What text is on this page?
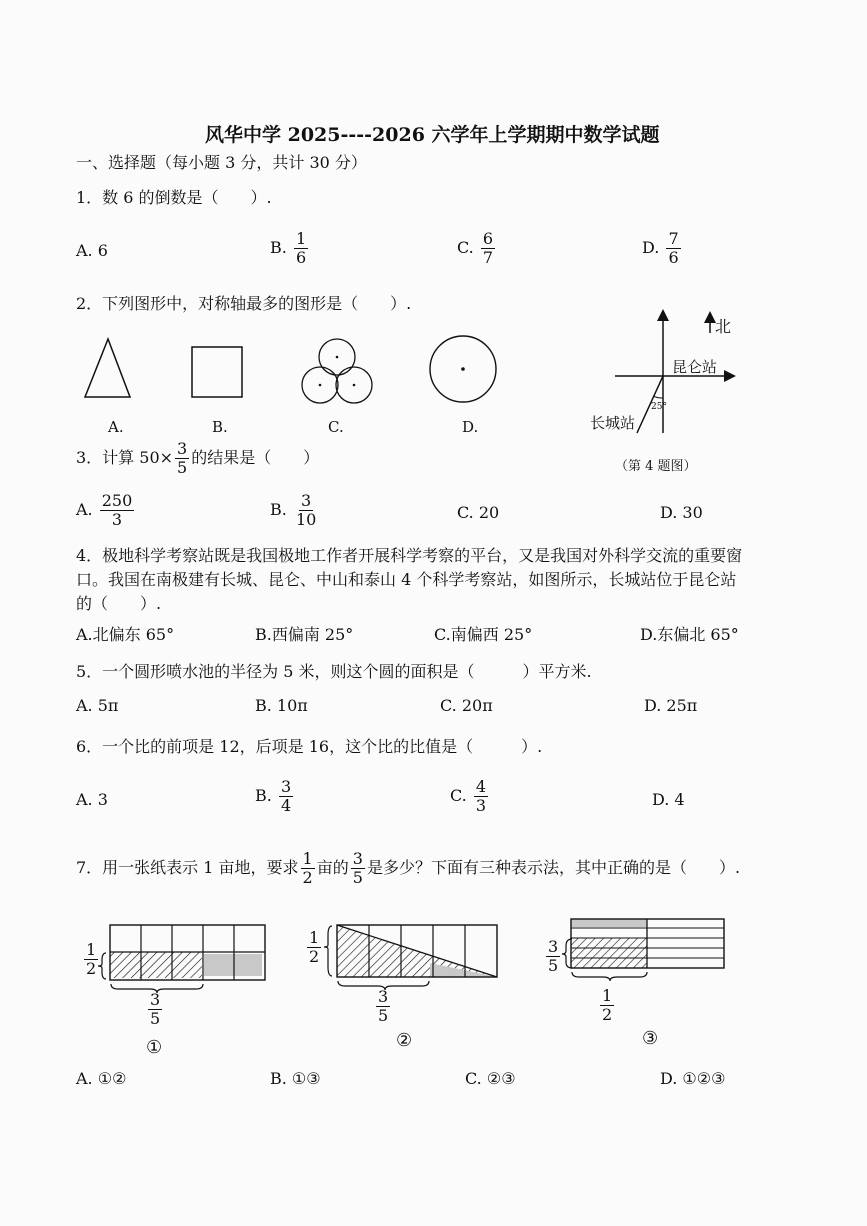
风华中学 2025----2026 六学年上学期期中数学试题
一、选择题（每小题 3 分，共计 30 分）
1．数 6 的倒数是（　　）.
A. 6	B. $\frac{1}{6}$	C. $\frac{6}{7}$	D. $\frac{7}{6}$
2．下列图形中，对称轴最多的图形是（　　）.
A.	B.	C.	D.
北
昆仑站
长城站
25°
（第 4 题图）
3．计算 $50\times \frac{3}{5}$ 的结果是（　　）
A. $\frac{250}{3}$	B. $\frac{3}{10}$	C. 20	D. 30
4．极地科学考察站既是我国极地工作者开展科学考察的平台，又是我国对外科学交流的重要窗
口。我国在南极建有长城、昆仑、中山和泰山 4 个科学考察站，如图所示，长城站位于昆仑站
的（　　）.
A.北偏东 65°	B.西偏南 25°	C.南偏西 25°	D.东偏北 65°
5．一个圆形喷水池的半径为 5 米，则这个圆的面积是（　　　）平方米.
A. 5π	B. 10π	C. 20π	D. 25π
6．一个比的前项是 12，后项是 16，这个比的比值是（　　　）.
A. 3	B. $\frac{3}{4}$	C. $\frac{4}{3}$	D. 4
7．用一张纸表示 1 亩地，要求 $\frac{1}{2}$ 亩的 $\frac{3}{5}$ 是多少？下面有三种表示法，其中正确的是（　　）.
$\frac{1}{2}$
$\frac{3}{5}$
①
$\frac{1}{2}$
$\frac{3}{5}$
②
$\frac{3}{5}$
$\frac{1}{2}$
③
A. ①②	B. ①③	C. ②③	D. ①②③
